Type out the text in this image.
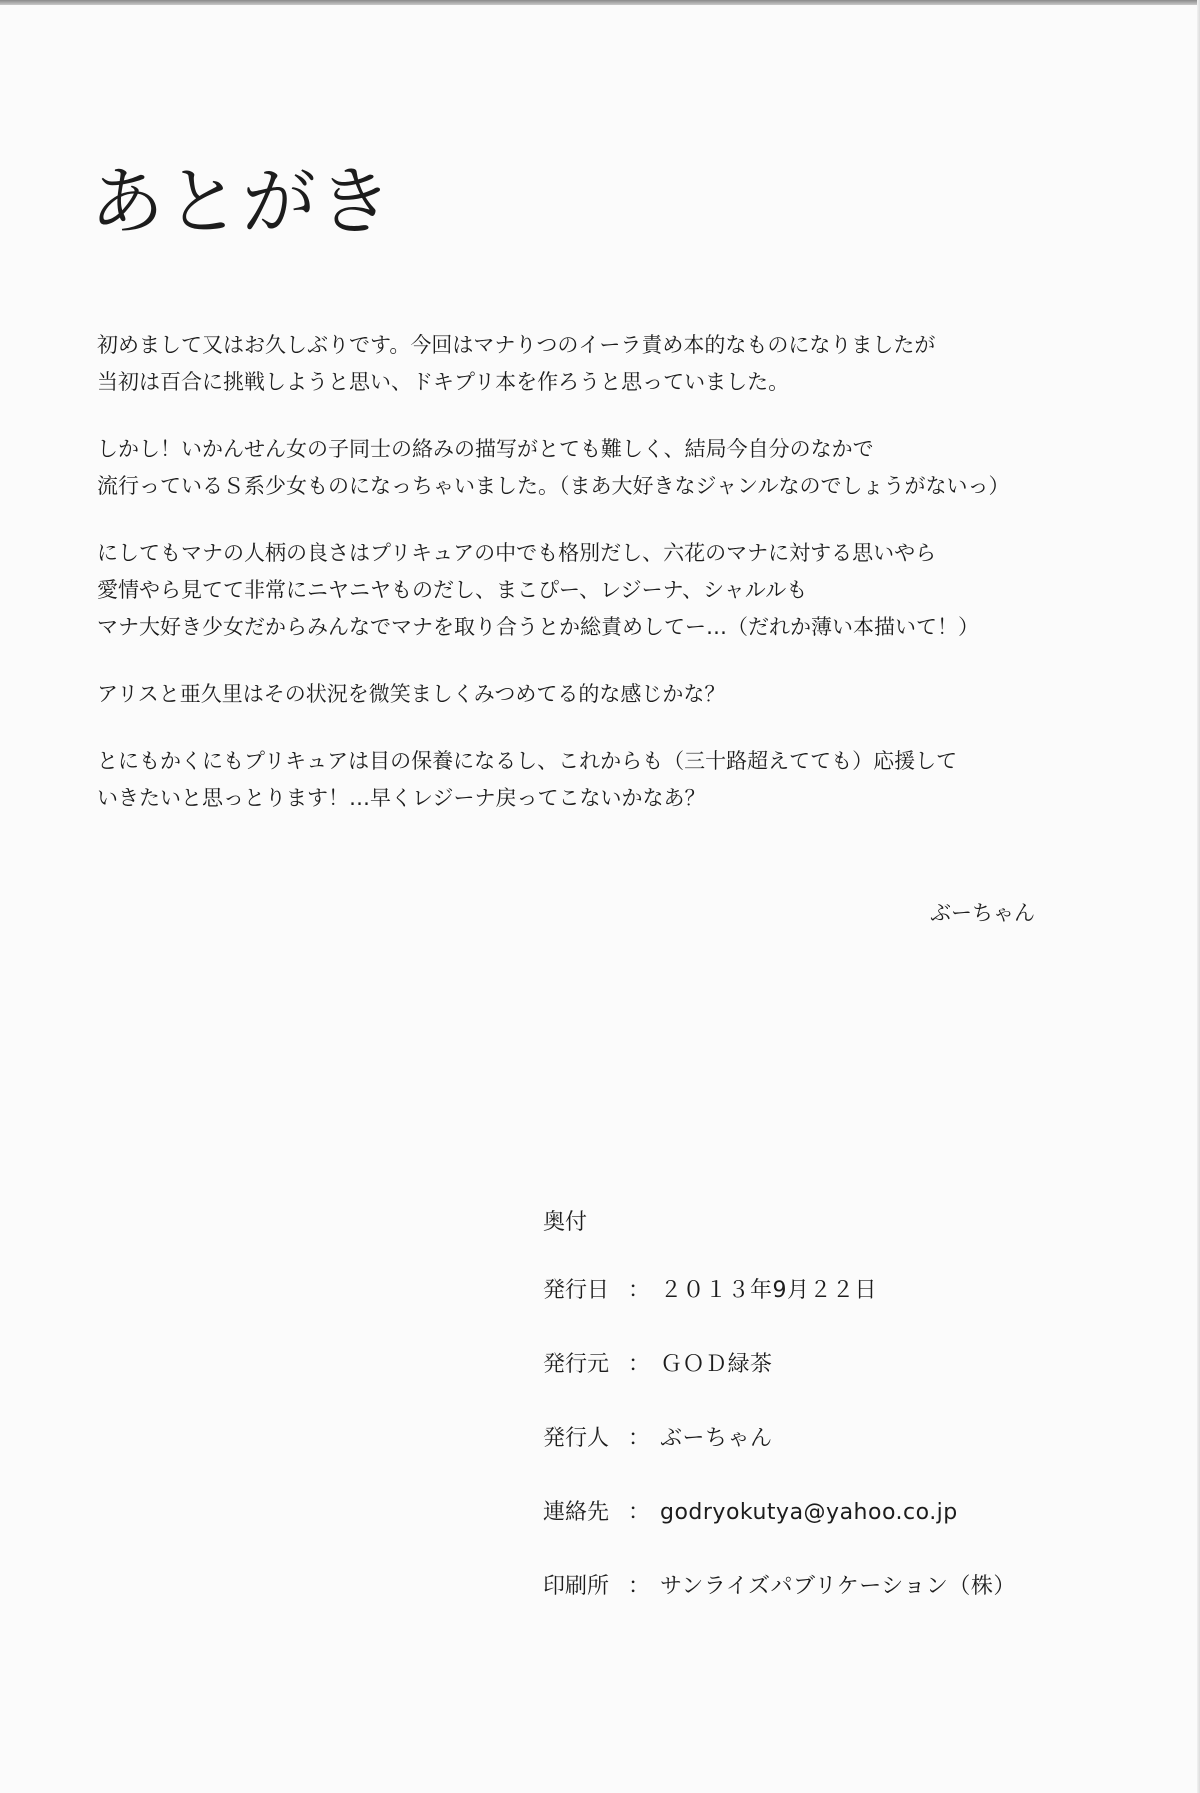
あとがき

初めまして又はお久しぶりです。今回はマナりつのイーラ責め本的なものになりましたが
当初は百合に挑戦しようと思い、ドキプリ本を作ろうと思っていました。

しかし！いかんせん女の子同士の絡みの描写がとても難しく、結局今自分のなかで
流行っているＳ系少女ものになっちゃいました。（まあ大好きなジャンルなのでしょうがないっ）

にしてもマナの人柄の良さはプリキュアの中でも格別だし、六花のマナに対する思いやら
愛情やら見てて非常にニヤニヤものだし、まこぴー、レジーナ、シャルルも
マナ大好き少女だからみんなでマナを取り合うとか総責めしてー…（だれか薄い本描いて！）

アリスと亜久里はその状況を微笑ましくみつめてる的な感じかな？

とにもかくにもプリキュアは目の保養になるし、これからも（三十路超えてても）応援して
いきたいと思っとります！…早くレジーナ戻ってこないかなあ？

ぶーちゃん
奥付
発行日 ： ２０１３年9月２２日
発行元 ： ＧＯＤ緑茶
発行人 ： ぶーちゃん
連絡先 ： godryokutya@yahoo.co.jp
印刷所 ： サンライズパブリケーション（株）
